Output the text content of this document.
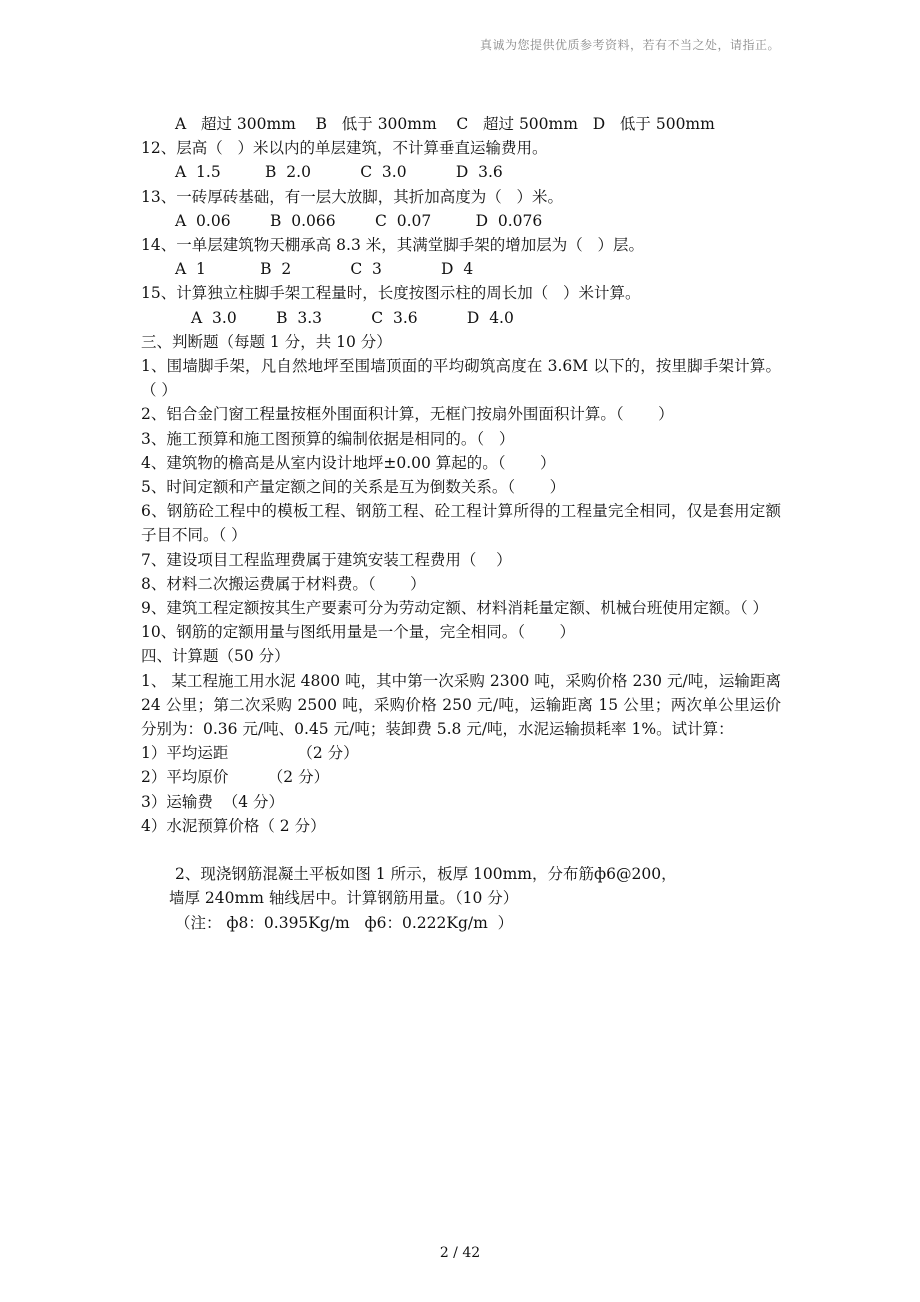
真诚为您提供优质参考资料，若有不当之处，请指正。

A   超过 300mm    B   低于 300mm    C   超过 500mm   D   低于 500mm

12、层高（   ）米以内的单层建筑，不计算垂直运输费用。

A  1.5         B  2.0          C  3.0          D  3.6

13、一砖厚砖基础，有一层大放脚，其折加高度为（   ）米。

A  0.06        B  0.066        C  0.07         D  0.076

14、一单层建筑物天棚承高 8.3 米，其满堂脚手架的增加层为（   ）层。

A  1           B  2            C  3            D  4

15、计算独立柱脚手架工程量时，长度按图示柱的周长加（   ）米计算。

A  3.0        B  3.3          C  3.6          D  4.0

三、判断题（每题 1 分，共 10 分）

1、围墙脚手架，凡自然地坪至围墙顶面的平均砌筑高度在 3.6M 以下的，按里脚手架计算。（ ）

2、铝合金门窗工程量按框外围面积计算，无框门按扇外围面积计算。（       ）

3、施工预算和施工图预算的编制依据是相同的。（   ）

4、建筑物的檐高是从室内设计地坪±0.00 算起的。（       ）

5、时间定额和产量定额之间的关系是互为倒数关系。（       ）

6、钢筋砼工程中的模板工程、钢筋工程、砼工程计算所得的工程量完全相同，仅是套用定额子目不同。（ ）

7、建设项目工程监理费属于建筑安装工程费用（    ）

8、材料二次搬运费属于材料费。（       ）

9、建筑工程定额按其生产要素可分为劳动定额、材料消耗量定额、机械台班使用定额。（ ）

10、钢筋的定额用量与图纸用量是一个量，完全相同。（       ）

四、计算题（50 分）

1、 某工程施工用水泥 4800 吨，其中第一次采购 2300 吨，采购价格 230 元/吨，运输距离 24 公里；第二次采购 2500 吨，采购价格 250 元/吨，运输距离 15 公里；两次单公里运价分别为：0.36 元/吨、0.45 元/吨；装卸费 5.8 元/吨，水泥运输损耗率 1%。试计算：

1）平均运距              （2 分）

2）平均原价        （2 分）

3）运输费  （4 分）

4）水泥预算价格（ 2 分）

2、现浇钢筋混凝土平板如图 1 所示，板厚 100mm，分布筋ф6@200，

墙厚 240mm 轴线居中。计算钢筋用量。（10 分）

（注： ф8：0.395Kg/m   ф6：0.222Kg/m  ）

2 / 42
